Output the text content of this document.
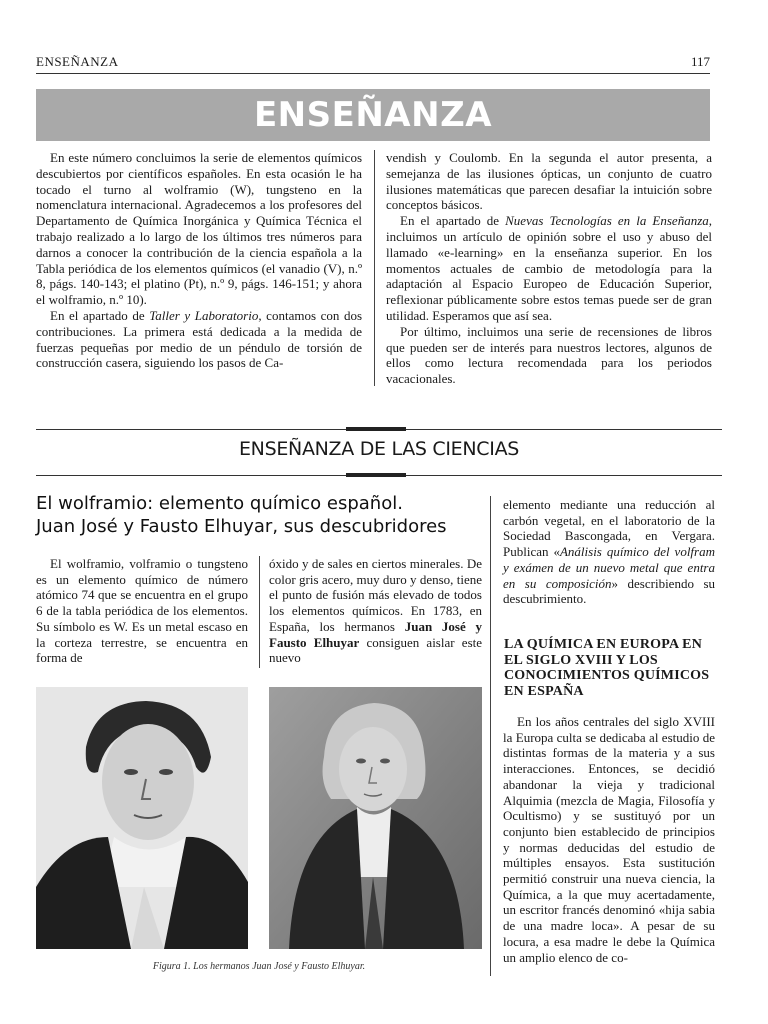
ENSEÑANZA	117
ENSEÑANZA

En este número concluimos la serie de elementos químicos descubiertos por científicos españoles. En esta ocasión le ha tocado el turno al wolframio (W), tungsteno en la nomenclatura internacional. Agradecemos a los profesores del Departamento de Química Inorgánica y Química Técnica el trabajo realizado a lo largo de los últimos tres números para darnos a conocer la contribución de la ciencia española a la Tabla periódica de los elementos químicos (el vanadio (V), n.º 8, págs. 140-143; el platino (Pt), n.º 9, págs. 146-151; y ahora el wolframio, n.º 10).

En el apartado de Taller y Laboratorio, contamos con dos contribuciones. La primera está dedicada a la medida de fuerzas pequeñas por medio de un péndulo de torsión de construcción casera, siguiendo los pasos de Ca-

vendish y Coulomb. En la segunda el autor presenta, a semejanza de las ilusiones ópticas, un conjunto de cuatro ilusiones matemáticas que parecen desafiar la intuición sobre conceptos básicos.

En el apartado de Nuevas Tecnologías en la Enseñanza, incluimos un artículo de opinión sobre el uso y abuso del llamado «e-learning» en la enseñanza superior. En los momentos actuales de cambio de metodología para la adaptación al Espacio Europeo de Educación Superior, reflexionar públicamente sobre estos temas puede ser de gran utilidad. Esperamos que así sea.

Por último, incluimos una serie de recensiones de libros que pueden ser de interés para nuestros lectores, algunos de ellos como lectura recomendada para los periodos vacacionales.

ENSEÑANZA DE LAS CIENCIAS
El wolframio: elemento químico español.
Juan José y Fausto Elhuyar, sus descubridores

El wolframio, volframio o tungsteno es un elemento químico de número atómico 74 que se encuentra en el grupo 6 de la tabla periódica de los elementos. Su símbolo es W. Es un metal escaso en la corteza terrestre, se encuentra en forma de

óxido y de sales en ciertos minerales. De color gris acero, muy duro y denso, tiene el punto de fusión más elevado de todos los elementos químicos. En 1783, en España, los hermanos Juan José y Fausto Elhuyar consiguen aislar este nuevo

elemento mediante una reducción al carbón vegetal, en el laboratorio de la Sociedad Bascongada, en Vergara. Publican «Análisis químico del volfram y exámen de un nuevo metal que entra en su composición» describiendo su descubrimiento.

LA QUÍMICA EN EUROPA EN EL SIGLO XVIII Y LOS CONOCIMIENTOS QUÍMICOS EN ESPAÑA

En los años centrales del siglo XVIII la Europa culta se dedicaba al estudio de distintas formas de la materia y a sus interacciones. Entonces, se decidió abandonar la vieja y tradicional Alquimia (mezcla de Magia, Filosofía y Ocultismo) y se sustituyó por un conjunto bien establecido de principios y normas deducidas del estudio de múltiples ensayos. Esta sustitución permitió construir una nueva ciencia, la Química, a la que muy acertadamente, un escritor francés denominó «hija sabia de una madre loca». A pesar de su locura, a esa madre le debe la Química un amplio elenco de co-

Figura 1. Los hermanos Juan José y Fausto Elhuyar.
